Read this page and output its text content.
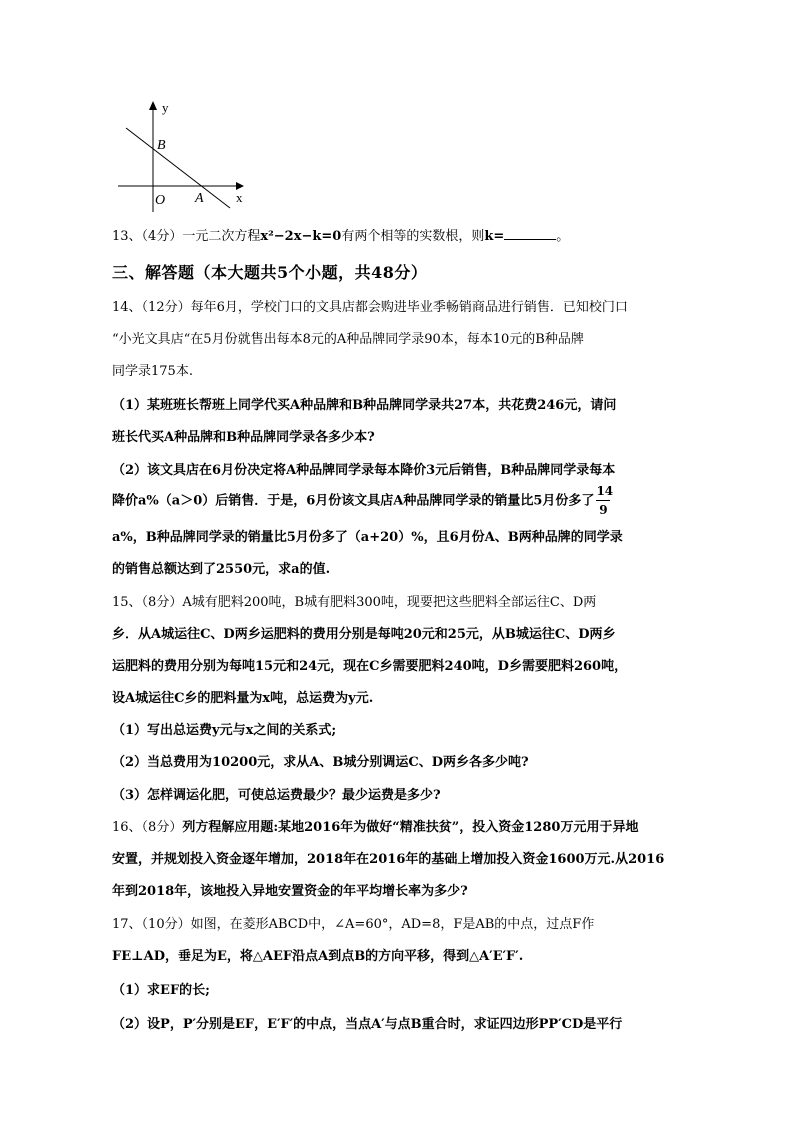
y
x
B
O A
13、（4分）一元二次方程x²−2x−k=0有两个相等的实数根，则k=	。
三、解答题（本大题共5个小题，共48分）
14、（12分）每年6月，学校门口的文具店都会购进毕业季畅销商品进行销售．已知校门口
“小光文具店“在5月份就售出每本8元的A种品牌同学录90本，每本10元的B种品牌
同学录175本.
（1）某班班长帮班上同学代买A种品牌和B种品牌同学录共27本，共花费246元，请问
班长代买A种品牌和B种品牌同学录各多少本?
（2）该文具店在6月份决定将A种品牌同学录每本降价3元后销售，B种品牌同学录每本
降价a%（a＞0）后销售．于是，6月份该文具店A种品牌同学录的销量比5月份多了 $\frac{14}{9}$
a%，B种品牌同学录的销量比5月份多了（a+20）%，且6月份A、B两种品牌的同学录
的销售总额达到了2550元，求a的值.
15、（8分）A城有肥料200吨，B城有肥料300吨，现要把这些肥料全部运往C、D两
乡．从A城运往C、D两乡运肥料的费用分别是每吨20元和25元，从B城运往C、D两乡
运肥料的费用分别为每吨15元和24元，现在C乡需要肥料240吨，D乡需要肥料260吨，
设A城运往C乡的肥料量为x吨，总运费为y元.
（1）写出总运费y元与x之间的关系式;
（2）当总费用为10200元，求从A、B城分别调运C、D两乡各多少吨?
（3）怎样调运化肥，可使总运费最少？最少运费是多少?
16、（8分）列方程解应用题:某地2016年为做好“精准扶贫”，投入资金1280万元用于异地
安置，并规划投入资金逐年增加，2018年在2016年的基础上增加投入资金1600万元.从2016
年到2018年，该地投入异地安置资金的年平均增长率为多少?
17、（10分）如图，在菱形ABCD中，∠A=60°，AD=8，F是AB的中点，过点F作
FE⊥AD，垂足为E，将△AEF沿点A到点B的方向平移，得到△A′E′F′.
（1）求EF的长;
（2）设P，P′分别是EF，E′F′的中点，当点A′与点B重合时，求证四边形PP′CD是平行
